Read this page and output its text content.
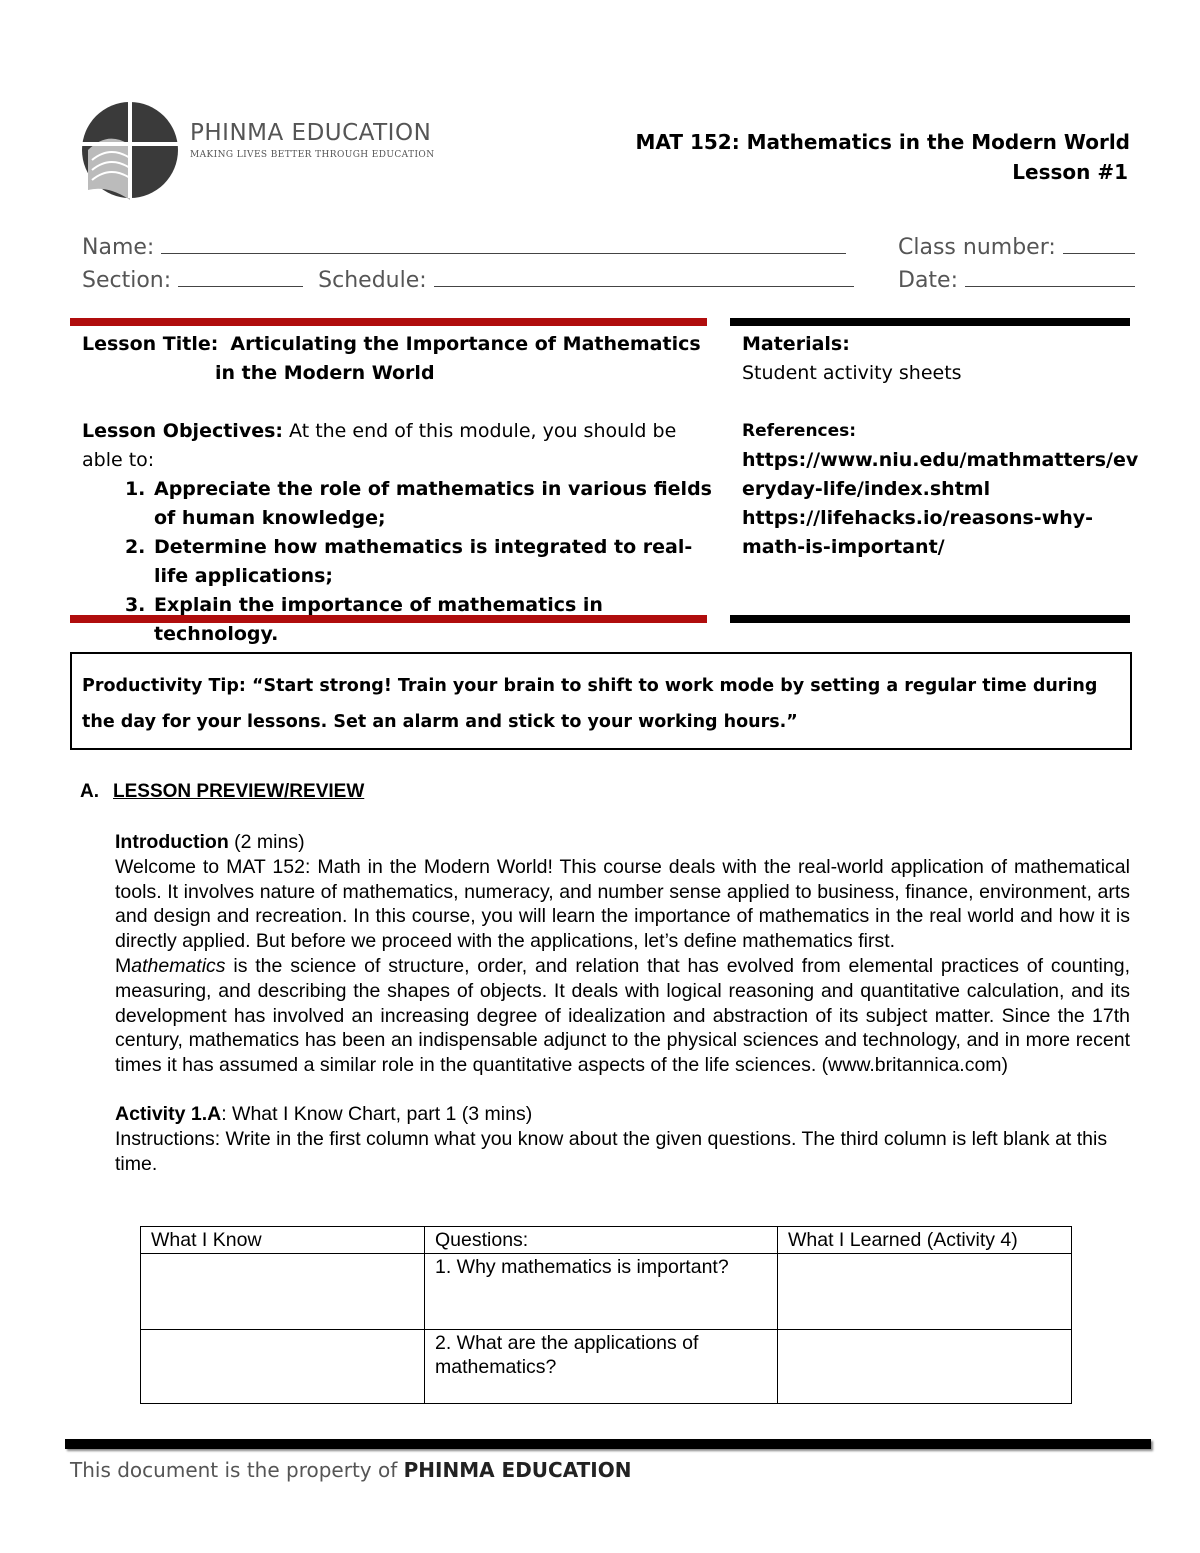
PHINMA EDUCATION
MAKING LIVES BETTER THROUGH EDUCATION
MAT 152: Mathematics in the Modern World
Lesson #1
Name:	Class number:
Section:	Schedule:	Date:
Lesson Title: Articulating the Importance of Mathematics
in the Modern World
Lesson Objectives: At the end of this module, you should be able to:
1. Appreciate the role of mathematics in various fields of human knowledge;
2. Determine how mathematics is integrated to real-life applications;
3. Explain the importance of mathematics in technology.
Materials:
Student activity sheets
References:
https://www.niu.edu/mathmatters/ev
eryday-life/index.shtml
https://lifehacks.io/reasons-why-
math-is-important/
Productivity Tip: “Start strong! Train your brain to shift to work mode by setting a regular time during the day for your lessons. Set an alarm and stick to your working hours.”
A. LESSON PREVIEW/REVIEW

Introduction (2 mins)

Welcome to MAT 152: Math in the Modern World! This course deals with the real-world application of mathematical tools. It involves nature of mathematics, numeracy, and number sense applied to business, finance, environment, arts and design and recreation. In this course, you will learn the importance of mathematics in the real world and how it is directly applied. But before we proceed with the applications, let’s define mathematics first.

Mathematics is the science of structure, order, and relation that has evolved from elemental practices of counting, measuring, and describing the shapes of objects. It deals with logical reasoning and quantitative calculation, and its development has involved an increasing degree of idealization and abstraction of its subject matter. Since the 17th century, mathematics has been an indispensable adjunct to the physical sciences and technology, and in more recent times it has assumed a similar role in the quantitative aspects of the life sciences. (www.britannica.com)

Activity 1.A: What I Know Chart, part 1 (3 mins)

Instructions: Write in the first column what you know about the given questions. The third column is left blank at this time.

What I Know	Questions:	What I Learned (Activity 4)
	1. Why mathematics is important?	
	2. What are the applications of mathematics?	
This document is the property of PHINMA EDUCATION
